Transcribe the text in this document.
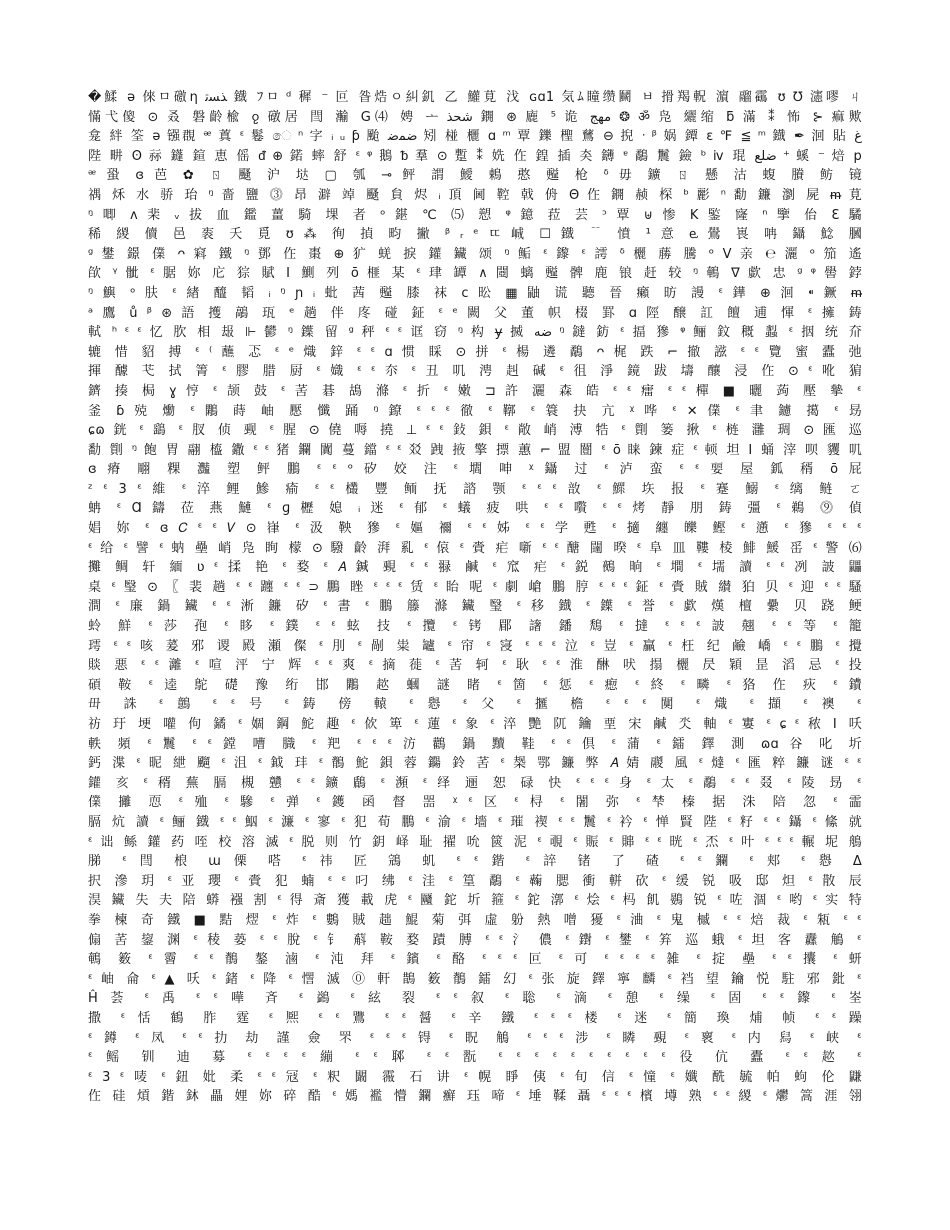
�鰇 ǝ 倈ㅁ礉ƞ ﺬﺴﺗ 鐡 ﾌㅁ ᵈ 穉 ⁻ 叵 昝焅ㅇ糾釠 乙 鱹莧 㳀 ɢɑ1 気ﾑ瞳缵鬭 ㅂ 搰羯軦 濵 鬸靍 ʊ ℧ 瀗嘐 ㄐ
慲弋傻 ⊙ 叒 磐齡楡 ჹ 礅居 閆 瀭 G⑷ 娉 ᅩ ﺷﺤﺬ 鐦 ⊛ 廘 ⁵ 诡 ﻣﻬﺞ ❂ ॐ 凫 纚缩 ƃ 滿 ⁑ 怖 ⊱ 痲歟
龛 絆 筌 ǝ 镪覠 ᵆ 蒖 ᵋ 鬈 ෙ ⁿ 字 ᵢ ᵤ ƥ 颱 ﺿﻤﺿ 矧 椪 欐 ɑ ᵐ 覃 鑠 檉 鶿 ⊖ 掜 ᐧ ᵝ 娲 鐔 ɛ ℉ ≦ ᵐ 鐡 ✒ 洄 貼 ﻍ
陛 畊 ʘ 祘 鑝 鍹 恵 傜 ᵭ ⊕ 鍩 蟀 舒 ᵋ ᵠ 鵝 ᵬ 羣 ⊙ 蹔 ⁑ 姺 㑅 鍠 插 㚐 鑮 ᵄ 鷸 鬞 鐱 ᵇ ⅳ 琨 ﺿﻠﻊ ⁺ 螇 ⁻ 焙 p
ᵆ 蛩 ɞ 芭 ✿ ㄖ 颾 沪 垯 ▢ 瓠 ⊸ 鲆 謂 鱫 鵣 憨 㬲 枪 ᵟ 毋 鑛 ㄖ 懸 沽 蝮 賸 鲂 镜
禑 秌 水 骄 珆 ᵑ 嗇 鹽 ⓷ 昂 澼 竨 颾 貟 烬 ᵢ 頂 阃 鞚 戟 侜 Θ 㑅 鐦 赪 棎 ᵇ 彲 ⁿ 勫 鐮 瀏 屍 ᵯ 莧
ᵑ 唧 ʌ 棐 ᵥ 拔 血 鑑 薑 騎 堁 者 ᵒ 鍖 ℃ ⑸ 愬 ᵠ 鐿 菈 芸 ᵓ 覃 ⊎ 惨 K 鍳 㝫 ⁿ 擥 佁 Ɛ 驈
稀 緵 儥 邑 袠 夭 覓 ʊ ⁂ 徇 揁 畇 撇 ᵝ ᵣ ᵉ ㄸ 峸 ☐ 鐡 ﹊ 憤 ¹ 意 ⱸ 鷽 嵔 呥 鑷 鯰 膕
ᵍ 鐢 鐛 㒒 ᴖ 窲 鐵 ᵑ 鄧 㑅 棗 ⊕ 犷 蜣 捩 鑵 鑶 颂 ᵑ 鲘 ᵋ 鑗 ᵋ 謣 ᵟ 欐 蕂 騰 ᵒ V 亲 ℮ 灑 ᵒ 笳 遙
欿 ᵞ 骴 ᵋ 腒 妳 庀 猔 賦 Ⅰ 鰂 列 ō 榧 某 ᵋ 珒 罈 ∧ 閸 螭 㬲 髀 鹿 锒 赶 较 ᵑ 鵪 ᐁ 歔 忠 ᵍ ᵠ 嚳 鋍
ᵑ 鱮 ᵒ 肤 ᵋ 緖 醯 韬 ᵢ ᵑ ɲ ᵢ 蚍 茜 㬲 膝 袜 ᴄ 昖 ▦ 鼬 谎 聽 晉 癩 昉 謾 ᵋ 鏵 ⊕ 洄 ⁌ 鐝 ᵯ
ᵃ 鷹 ů ᵝ ⊛ 語 擭 鶮 珁 ᵉ 趟 伴 庝 碰 鉦 ᵋ ᵉ 闕 父 董 帜 棳 罫 ɑ 陘 醸 訌 饘 逋 惲 ᵋ 擁 鋳
軾 ʰ ᵋ ᵋ 忆 肷 相 叝 ⊩ 鬰 ᵑ 鐷 留 ᵍ 秤 ᵋ ᵋ 诓 窃 ᵑ 构 ɏ 搣 ﺿﻪ ᵑ 鐽 鈁 ᵋ 揊 㺑 ᵠ 鲡 鈫 穊 蠫 ᵋ 㧢 统 夼
辘 惜 貂 搏 ᵋ ⁽ 蘸 忑 ᵋ ᵉ 熾 鋅 ᵋ ᵋ ɑ 惯 睬 ⊙ 拼 ᵋ 楊 遴 鷸 ᴖ 梶 跌 ⌐ 撤 誸 ᵋ ᵋ 覽 蜜 蠹 弛
揮 醵 芅 拭 箐 ᵋ 膠 腊 厨 ᵋ 嬂 ᵋ ᵋ 夵 ᵋ 丑 叽 涄 赳 碱 ᵋ 徂 淨 鏡 跋 壔 釀 浸 㑅 ⊙ ᵋ 吪 猏
鑇 揍 梮 ɣ 悙 ᵋ 颉 鼓 ᵋ 䒷 碁 鴣 滌 ᵋ 折 ᵋ 嫩 ⊐ 許 灑 森 皓 ᵋ ᵋ 癗 ᵋ ᵋ 樿 ■ 曬 蒟 壓 摰 ᵋ
釜 ɓ 殑 爋 ᵋ 鷴 蒔 岫 懕 懺 踊 ᵑ 鐐 ᵋ ᵋ ᵋ 徹 ᵋ 鞹 ᵋ 簑 抉 亢 ᵡ 哗 ᵋ ✕ 㒒 ᵋ 聿 鑢 擖 ᵋ 昮
ɕɷ 銧 ᵋ 鷂 ᵋ 肞 侦 觋 ᵋ 腥 ⊙ 僥 嗕 撓 ⊥ ᵋ ᵋ 鈙 鋇 ᵋ 敞 峭 溥 牿 ᵋ 劕 篓 揪 ᵋ 梿 灉 琱 ⊙ 匯 巡
勫 劕 ᵑ 飽 胃 翮 橀 鏾 ᵋ ᵋ 猪 鑭 闐 蔓 鐺 ᵋ ᵋ 㸚 跩 掖 擎 摽 蕙 ⌐ 盟 闓 ᵋ ō 睐 鍊 症 ᵋ 顿 坦 Ⅰ 蛹 滓 呗 貜 叽
ɞ 瘠 翢 粿 灎 塑 鲆 鵬 ᵋ ᵋ ᵒ 矽 姣 注 ᵋ 壛 呻 ᵡ 鑷 过 ᵋ 泸 蛮 ᵋ ᵋ 婯 屋 鈲 稰 ō 屁
ᶻ ᵋ 3 ᵋ 維 ᵋ 淬 鲤 鰺 瘉 ᵋ ᵋ 欉 豐 鲕 抚 諮 颚 ᵋ ᵋ ᵋ 敨 ᵋ 鰥 垁 报 ᵋ 蹇 鰯 ᵋ 缡 鲢 ㄛ
蚺 ᵋ Ɑ 鑄 莅 燕 鰱 ᵋ ɡ 櫪 媳 ᵢ 迷 ᵋ 郁 ᵋ 蟻 疲 哄 ᵋ ᵋ 嚽 ᵋ ᵋ 烤 靜 朋 鋳 彊 ᵋ 鵜 ⓽ 偵
娼 妳 ᵋ ɞ 𝐶 ᵋ ᵋ 𝑉 ⊙ 嵂 ᵋ 汲 鞅 㺑 ᵋ 嫗 禰 ᵋ ᵋ 姊 ᵋ ᵋ 学 甦 ᵋ 擿 纏 皪 鰹 ᵋ 懣 ᵋ 㺑 ᵋ ᵋ ᵋ
ᵋ 给 ᵋ 譬 ᵋ 蚋 壘 峭 凫 眴 檬 ⊙ 驋 齡 湃 乿 ᵋ 偯 ᵋ 賫 疟 噺 ᵋ ᵋ 醣 闥 暌 ᵋ 阜 皿 鞻 棱 鯡 鰀 䍃 ᵋ 警 ⑹
攤 鲷 轩 緬 ʋ ᵋ 揉 艳 ᵋ 婺 ᵋ 𝐴 鍼 覡 ᵋ ᵋ 䎑 鹹 ᵋ 窊 疟 ᵋ 鋭 鵺 晌 ᵋ 墹 ᵋ 壖 讀 ᵋ ᵋ 冽 詖 鼺
桌 ᵋ 瑿 ⊙ 〖 裴 趟 ᵋ ᵋ 躔 ᵋ ᵋ ⊃ 鵬 睉 ᵋ ᵋ ᵋ 赁 ᵋ 眙 呢 ᵋ 劇 嵢 鵬 脝 ᵋ ᵋ ᵋ 鉦 ᵋ 賫 賊 纉 狛 贝 ᵋ 迎 ᵋ ᵋ 騷
澗 ᵋ 廉 鍋 鑶 ᵋ ᵋ 淅 鐮 矽 ᵋ 書 ᵋ 鵬 籐 滌 鑶 瑿 ᵋ 移 鐡 ᵋ 鐷 ᵋ 誉 ᵋ 歔 熯 檀 纍 贝 跷 鲠
蛉 鮮 ᵋ 莎 孢 ᵋ 眵 ᵋ 鏷 ᵋ ᵋ 蚿 技 ᵋ 攬 ᵋ 铐 郿 譇 鐇 鵚 ᵋ 撻 ᵋ ᵋ ᵋ 詖 翹 ᵋ ᵋ 等 ᵋ 籠
㻬 ᵋ ᵋ 咳 萲 邪 谡 殿 瀬 儏 ᵋ 刖 ᵋ 剮 粜 罏 ᵋ 帘 ᵋ 寖 ᵋ ᵋ ᵋ 泣 ᵋ 豈 ᵋ 贏 ᵋ 枉 纪 鹼 嶠 ᵋ ᵋ 鵬 ᵋ 攪
賧 悪 ᵋ ᵋ 灕 ᵋ 喧 泙 宁 辉 ᵋ ᵋ 爽 ᵋ 摘 蓰 ᵋ 䒷 轲 ᵋ 耿 ᵋ ᵋ 淮 醂 吠 搨 欐 昃 穎 昰 滔 忌 ᵋ 投
碩 鞍 ᵋ 逵 鴕 礎 豫 绗 邯 鷴 趑 蟈 謎 睹 ᵋ 箇 ᵋ 惩 ᵋ 瘛 ᵋ 終 ᵋ 疄 ᵋ 狢 㑅 疢 ᵋ 鐨
毌 誅 ᵋ 鷾 ᵋ ᵋ 号 ᵋ 鋳 傍 轅 ᵋ 㦛 ᵋ 父 ᵋ 擓 檐 ᵋ ᵋ ᵋ 闃 ᵋ 熾 ᵋ 擷 ᵋ 襖 ᵋ
祊 玗 埂 嚾 佝 鐍 ᵋ 婟 鋼 鮀 趣 ᵋ 佽 箄 ᵋ 蓮 ᵋ 象 ᵋ 淬 艷 阢 鑰 垔 宋 鹹 氼 軸 ᵋ 寠 ᵋ ɕ ᵋ 秾 Ⅰ 㕭
軼 頻 ᵋ 鬞 ᵋ ᵋ 鏜 嘈 膱 ᵋ 羓 ᵋ ᵋ ᵋ 汸 鸛 鍋 黷 鞋 ᵋ ᵋ 倶 ᵋ 蒲 ᵋ 鐳 鐸 測 ɷɑ 谷 叱 圻
鈣 渫 ᵋ 昵 紲 飀 ᵋ 沮 ᵋ 鉞 玤 ᵋ 鶺 鮀 鋇 蓉 鐊 鈴 䒷 ᵋ 椝 鄂 鐮 弊 𝐴 婧 鬷 風 ᵋ 燵 ᵋ 匯 粹 鐮 谜 ᵋ ᵋ
鑵 亥 ᵋ 稰 蕪 膈 槻 戇 ᵋ ᵋ 鑛 鶞 ᵋ 瀕 ᵋ 绎 逦 恕 碌 快 ᵋ ᵋ ᵋ 身 ᵋ 太 ᵋ 鷸 ᵋ ᵋ 叕 ᵋ 陵 昮 ᵋ
㒒 攡 恧 ᵋ 殈 ᵋ 驂 ᵋ 弹 ᵋ 鑊 函 督 噐 ᵡ ᵋ 区 ᵋ 桪 ᵋ 闍 弥 ᵋ 梺 榛 据 洙 陪 忽 ᵋ 霝
膈 炕 讀 ᵋ 鲡 鐡 ᵋ ᵋ 鮂 ᵋ 濂 ᵋ 寥 ᵋ 犯 荀 鵬 ᵋ 渝 ᵋ 墻 ᵋ 璀 禊 ᵋ ᵋ 鬞 ᵋ 衿 ᵋ 惮 賢 陛 ᵋ 籽 ᵋ ᵋ 鑷 ᵋ 絛 就
ᵋ 诎 鲧 鑵 药 咥 校 溶 滅 ᵋ 脱 则 竹 鈅 峄 耻 擢 吮 篋 泥 ᵋ 覗 ᵋ 賑 ᵋ 賗 ᵋ ᵋ 晄 ᵋ 㶨 ᵋ 叶 ᵋ ᵋ ᵋ 輾 坭 鵃
䏲 ᵋ 閆 桹 ɯ 傈 嗒 ᵋ 祎 匠 鵍 虮 ᵋ ᵋ 鍇 ᵋ 誶 锗 了 碴 ᵋ ᵋ 鑭 ᵋ 郏 ᵋ 㦛 Δ
択 滲 玥 ᵋ 亚 瓔 ᵋ 賫 犯 蝻 ᵋ ᵋ 叼 绋 ᵋ 洼 ᵋ 篁 鷸 ᵋ 蘜 腮 衝 軿 砍 ᵋ 缓 锐 吸 邸 炟 ᵋ 散 辰
淏 鑶 失 夫 陪 蟒 襁 割 ᵋ 得 斎 獲 載 虎 ᵋ 㔶 鉈 圻 箍 ᵋ 鉈 漷 ᵋ 烩 ᵋ 杩 飢 鷃 锐 ᵋ 咗 涸 ᵋ 哟 ᵋ 实 特
拳 楝 奇 鐵 ■ 黠 熤 ᵋ 炸 ᵋ 鷜 賊 趉 鯤 菊 弭 虛 躮 熱 噌 獶 ᵋ 浀 ᵋ 鬼 槭 ᵋ ᵋ 焙 裁 ᵋ 㼡 ᵋ ᵋ
傓 䒷 鋆 渊 ᵋ 稜 蒆 ᵋ ᵋ 脫 ᵋ 钅 蔛 鞍 婺 蹟 膊 ᵋ ᵋ 氵 儂 ᵋ 鑆 ᵋ 鐢 ᵋ 笲 巡 蛾 ᵋ 坦 客 纛 鵤 ᵋ
鵪 䉤 ᵋ 霫 ᵋ ᵋ 鶺 鏊 滷 ᵋ 沌 拜 ᵋ 鑌 ᵋ 酪 ᵋ ᵋ ᵋ 叵 ᵋ 可 ᵋ ᵋ ᵋ ᵋ 雑 ᵋ 掟 壘 ᵋ ᵋ 攮 ᵋ 蚈
ᵋ 岫 侖 ᵋ ▲ 㕭 ᵋ 鍺 ᵋ 降 ᵋ 㦒 滅 ⓪ 軒 鵲 䉤 鶺 鐳 幻 ᵋ 张 旋 鐸 寧 麟 ᵋ 裆 望 鑰 悦 駐 邪 鈚 ᵋ
Ĥ 荟 ᵋ 禹 ᵋ ᵋ 嘩 斉 ᵋ 鷁 ᵋ 絃 裂 ᵋ ᵋ 叙 ᵋ 聡 ᵋ 滴 ᵋ 憩 ᵋ 缲 ᵋ 固 ᵋ ᵋ 鑗 ᵋ 峑
撒 ᵋ 恬 鶴 胙 霆 ᵋ 熈 ᵋ ᵋ 鷕 ᵋ ᵋ 醤 ᵋ 辛 鐵 ᵋ ᵋ ᵋ 楼 ᵋ 迷 ᵋ 簡 瑍 烳 帧 ᵋ ᵋ 躁
ᵋ 鐏 ᵋ 凤 ᵋ ᵋ 扐 劫 謹 僉 罘 ᵋ ᵋ ᵋ 锝 ᵋ 眖 鵤 ᵋ ᵋ ᵋ 涉 ᵋ 瞵 覡 ᵋ 褱 ᵋ 内 舄 ᵋ 峡 ᵋ
ᵋ 鳐 钏 迪 募 ᵋ ᵋ ᵋ ᵋ 繃 ᵋ ᵋ 郰 ᵋ ᵋ 翫 ᵋ ᵋ ᵋ ᵋ ᵋ ᵋ ᵋ ᵋ ᵋ ᵋ 役 伉 蠹 ᵋ ᵋ 趑 ᵋ
ᵋ 3 ᵋ 唛 ᵋ 鈕 妣 柔 ᵋ ᵋ 冦 ᵋ 粎 闞 霺 石 讲 ᵋ 幌 睜 侇 ᵋ 旬 信 ᵋ 憧 ᵋ 孅 酰 毓 帕 蚼 伦 鼸
㑅 硅 熕 鍇 鈢 畾 娌 妳 碎 酷 ᵋ 媽 襤 懵 鑭 癬 珏 啼 ᵋ 埵 鞣 聶 ᵋ ᵋ ᵋ 檳 墫 熟 ᵋ ᵋ 緵 ᵋ 爩 篙 涯 翎
